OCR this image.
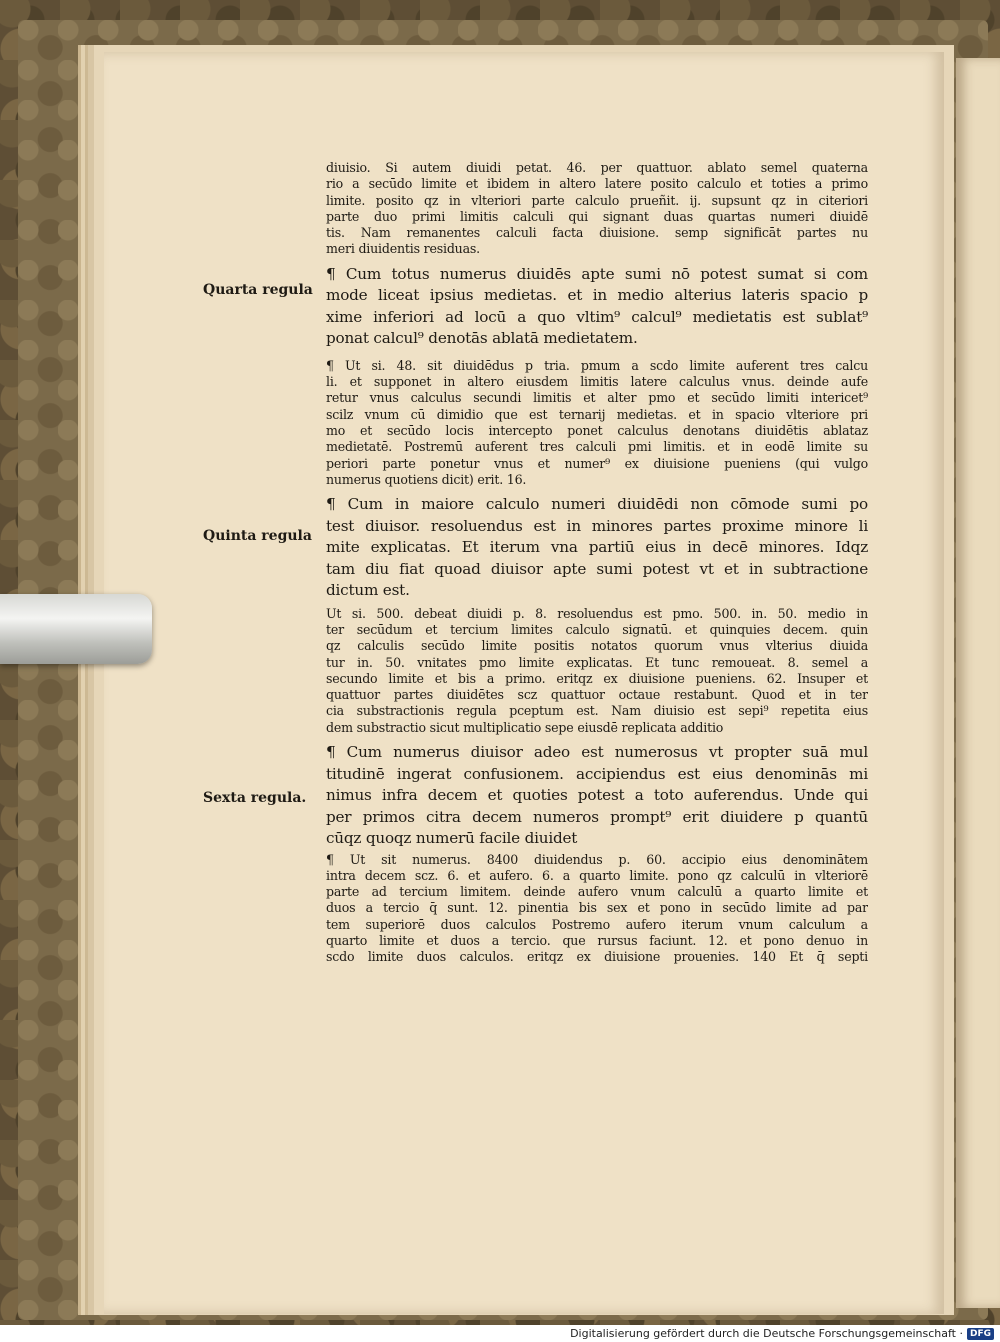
Quarta regula
Quinta regula
Sexta regula.
diuisio. Si autem diuidi petat. 46. per quattuor. ablato semel quaterna
rio a secūdo limite et ibidem in altero latere posito calculo et toties a primo
limite. posito qz in vlteriori parte calculo prueñit. ij. supsunt qz in citeriori
parte duo primi limitis calculi qui signant duas quartas numeri diuidē
tis. Nam remanentes calculi facta diuisione. semp significāt partes nu
meri diuidentis residuas.
¶ Cum totus numerus diuidēs apte sumi nō potest sumat si com
mode liceat ipsius medietas. et in medio alterius lateris spacio p
xime inferiori ad locū a quo vltim⁹ calcul⁹ medietatis est sublat⁹
ponat calcul⁹ denotās ablatā medietatem.
¶ Ut si. 48. sit diuidēdus p tria. pmum a scdo limite auferent tres calcu
li. et supponet in altero eiusdem limitis latere calculus vnus. deinde aufe
retur vnus calculus secundi limitis et alter pmo et secūdo limiti intericet⁹
scilz vnum cū dimidio que est ternarij medietas. et in spacio vlteriore pri
mo et secūdo locis intercepto ponet calculus denotans diuidētis ablataz
medietatē. Postremū auferent tres calculi pmi limitis. et in eodē limite su
periori parte ponetur vnus et numer⁹ ex diuisione pueniens (qui vulgo
numerus quotiens dicit) erit. 16.
¶ Cum in maiore calculo numeri diuidēdi non cōmode sumi po
test diuisor. resoluendus est in minores partes proxime minore li
mite explicatas. Et iterum vna partiū eius in decē minores. Idqz
tam diu fiat quoad diuisor apte sumi potest vt et in subtractione
dictum est.
Ut si. 500. debeat diuidi p. 8. resoluendus est pmo. 500. in. 50. medio in
ter secūdum et tercium limites calculo signatū. et quinquies decem. quin
qz calculis secūdo limite positis notatos quorum vnus vlterius diuida
tur in. 50. vnitates pmo limite explicatas. Et tunc remoueat. 8. semel a
secundo limite et bis a primo. eritqz ex diuisione pueniens. 62. Insuper et
quattuor partes diuidētes scz quattuor octaue restabunt. Quod et in ter
cia substractionis regula pceptum est. Nam diuisio est sepi⁹ repetita eius
dem substractio sicut multiplicatio sepe eiusdē replicata additio
¶ Cum numerus diuisor adeo est numerosus vt propter suā mul
titudinē ingerat confusionem. accipiendus est eius denominās mi
nimus infra decem et quoties potest a toto auferendus. Unde qui
per primos citra decem numeros prompt⁹ erit diuidere p quantū
cūqz quoqz numerū facile diuidet
¶ Ut sit numerus. 8400 diuidendus p. 60. accipio eius denominātem
intra decem scz. 6. et aufero. 6. a quarto limite. pono qz calculū in vlteriorē
parte ad tercium limitem. deinde aufero vnum calculū a quarto limite et
duos a tercio q̄ sunt. 12. pinentia bis sex et pono in secūdo limite ad par
tem superiorē duos calculos Postremo aufero iterum vnum calculum a
quarto limite et duos a tercio. que rursus faciunt. 12. et pono denuo in
scdo limite duos calculos. eritqz ex diuisione prouenies. 140 Et q̄ septi
Digitalisierung gefördert durch die Deutsche Forschungsgemeinschaft · DFG
